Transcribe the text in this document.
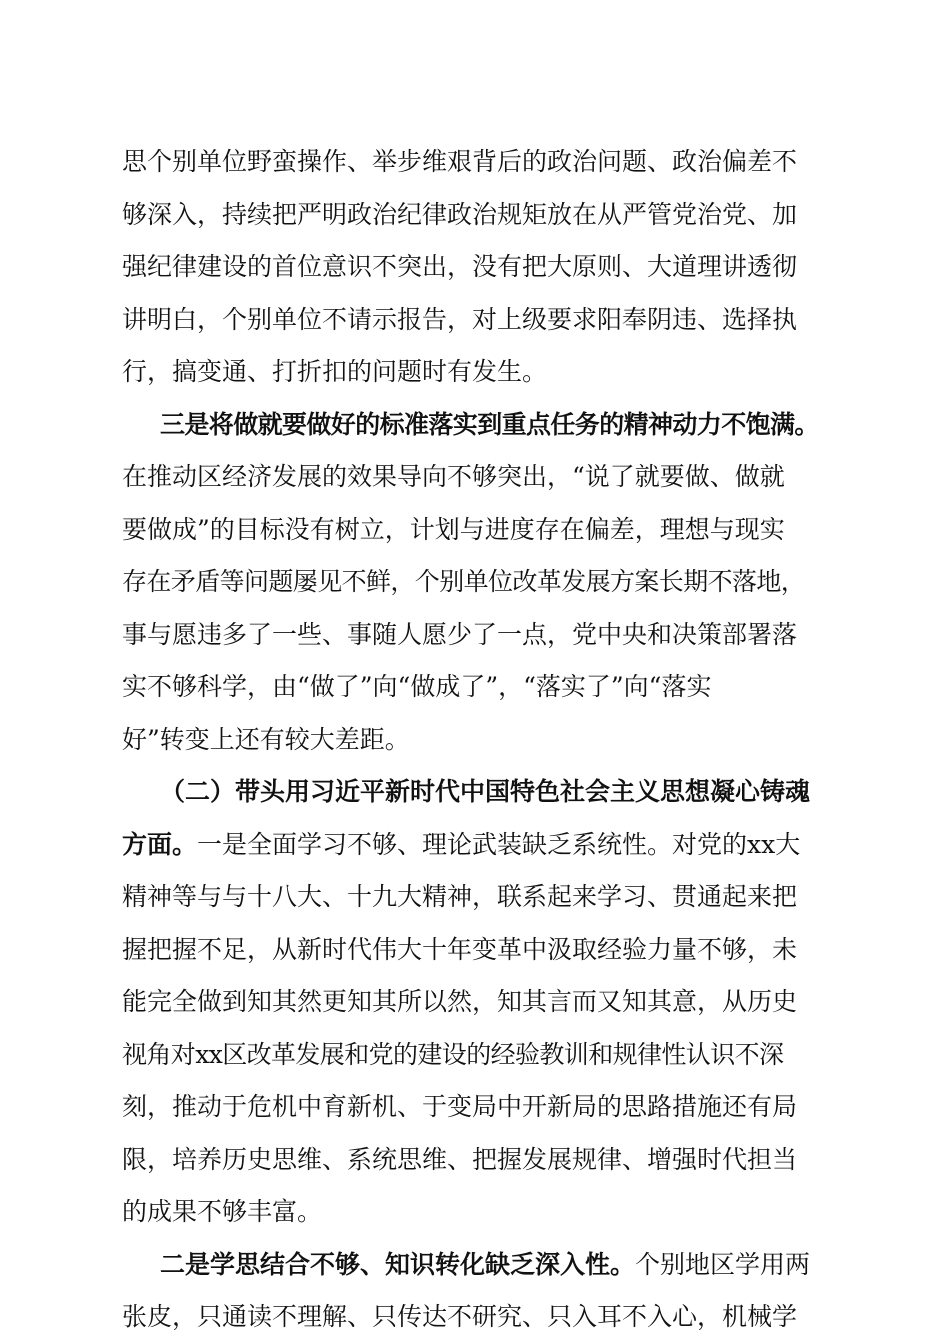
思个别单位野蛮操作、举步维艰背后的政治问题、政治偏差不
够深入，持续把严明政治纪律政治规矩放在从严管党治党、加
强纪律建设的首位意识不突出，没有把大原则、大道理讲透彻
讲明白，个别单位不请示报告，对上级要求阳奉阴违、选择执
行，搞变通、打折扣的问题时有发生。
三是将做就要做好的标准落实到重点任务的精神动力不饱满。
在推动区经济发展的效果导向不够突出，“说了就要做、做就
要做成”的目标没有树立，计划与进度存在偏差，理想与现实
存在矛盾等问题屡见不鲜，个别单位改革发展方案长期不落地，
事与愿违多了一些、事随人愿少了一点，党中央和决策部署落
实不够科学，由“做了”向“做成了”，“落实了”向“落实
好”转变上还有较大差距。
（二）带头用习近平新时代中国特色社会主义思想凝心铸魂
方面。一是全面学习不够、理论武装缺乏系统性。对党的xx大
精神等与与十八大、十九大精神，联系起来学习、贯通起来把
握把握不足，从新时代伟大十年变革中汲取经验力量不够，未
能完全做到知其然更知其所以然，知其言而又知其意，从历史
视角对xx区改革发展和党的建设的经验教训和规律性认识不深
刻，推动于危机中育新机、于变局中开新局的思路措施还有局
限，培养历史思维、系统思维、把握发展规律、增强时代担当
的成果不够丰富。
二是学思结合不够、知识转化缺乏深入性。个别地区学用两
张皮，只通读不理解、只传达不研究、只入耳不入心，机械学
